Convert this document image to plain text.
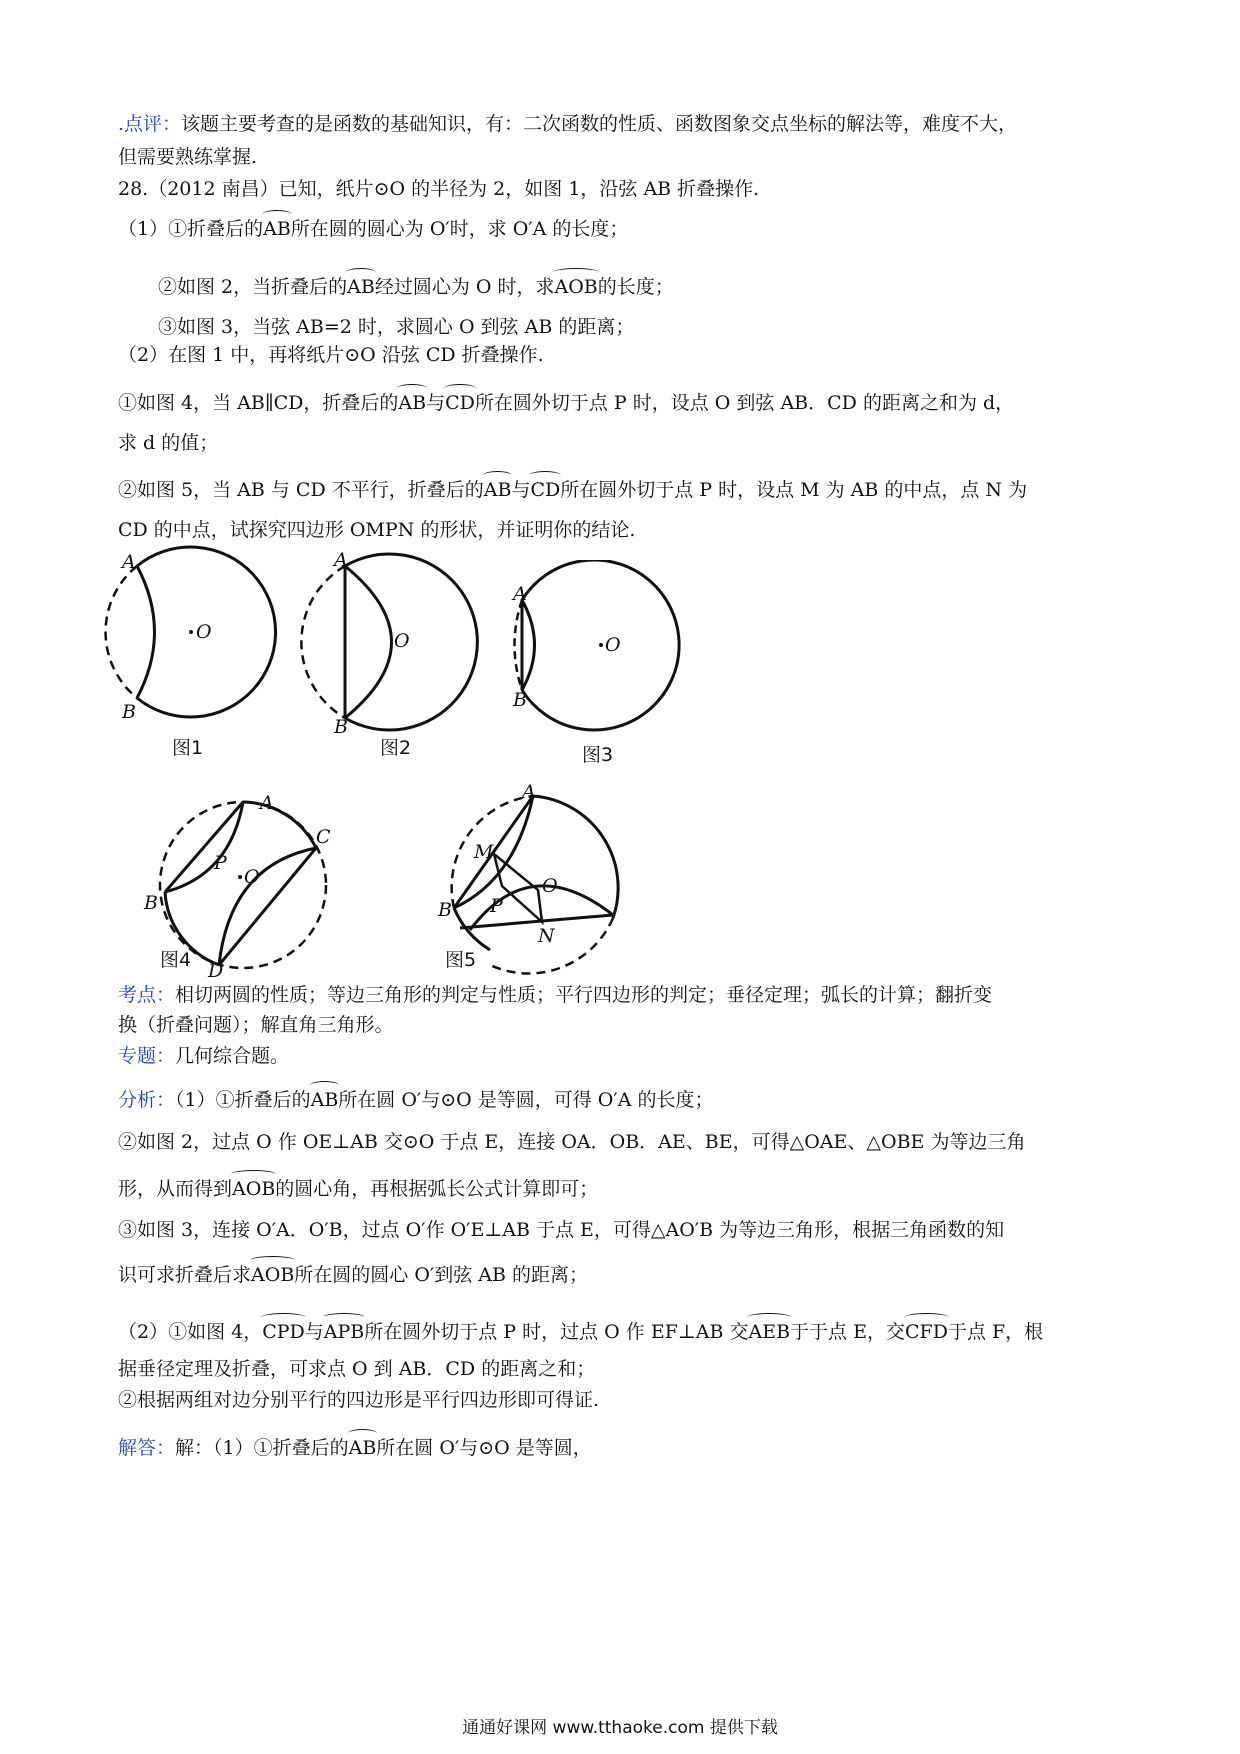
.点评：该题主要考查的是函数的基础知识，有：二次函数的性质、函数图象交点坐标的解法等，难度不大，
但需要熟练掌握.
28.（2012 南昌）已知，纸片⊙O 的半径为 2，如图 1，沿弦 AB 折叠操作.
（1）①折叠后的AB所在圆的圆心为 O′时，求 O′A 的长度；
②如图 2，当折叠后的AB经过圆心为 O 时，求AOB的长度；
③如图 3，当弦 AB=2 时，求圆心 O 到弦 AB 的距离；
（2）在图 1 中，再将纸片⊙O 沿弦 CD 折叠操作.
①如图 4，当 AB∥CD，折叠后的AB与CD所在圆外切于点 P 时，设点 O 到弦 AB．CD 的距离之和为 d，
求 d 的值；
②如图 5，当 AB 与 CD 不平行，折叠后的AB与CD所在圆外切于点 P 时，设点 M 为 AB 的中点，点 N 为
CD 的中点，试探究四边形 OMPN 的形状，并证明你的结论.
A
B
O
图1
A
B
O
图2
A
B
O
图3
A
B
C
D
P
O
图4
A
B
M
N
P
O
图5
考点：相切两圆的性质；等边三角形的判定与性质；平行四边形的判定；垂径定理；弧长的计算；翻折变
换（折叠问题）；解直角三角形。
专题：几何综合题。
分析：（1）①折叠后的AB所在圆 O′与⊙O 是等圆，可得 O′A 的长度；
②如图 2，过点 O 作 OE⊥AB 交⊙O 于点 E，连接 OA．OB．AE、BE，可得△OAE、△OBE 为等边三角
形，从而得到AOB的圆心角，再根据弧长公式计算即可；
③如图 3，连接 O′A．O′B，过点 O′作 O′E⊥AB 于点 E，可得△AO′B 为等边三角形，根据三角函数的知
识可求折叠后求AOB所在圆的圆心 O′到弦 AB 的距离；
（2）①如图 4，CPD与APB所在圆外切于点 P 时，过点 O 作 EF⊥AB 交AEB于于点 E，交CFD于点 F，根
据垂径定理及折叠，可求点 O 到 AB．CD 的距离之和；
②根据两组对边分别平行的四边形是平行四边形即可得证.
解答：解：（1）①折叠后的AB所在圆 O′与⊙O 是等圆，
通通好课网 www.tthaoke.com 提供下载
